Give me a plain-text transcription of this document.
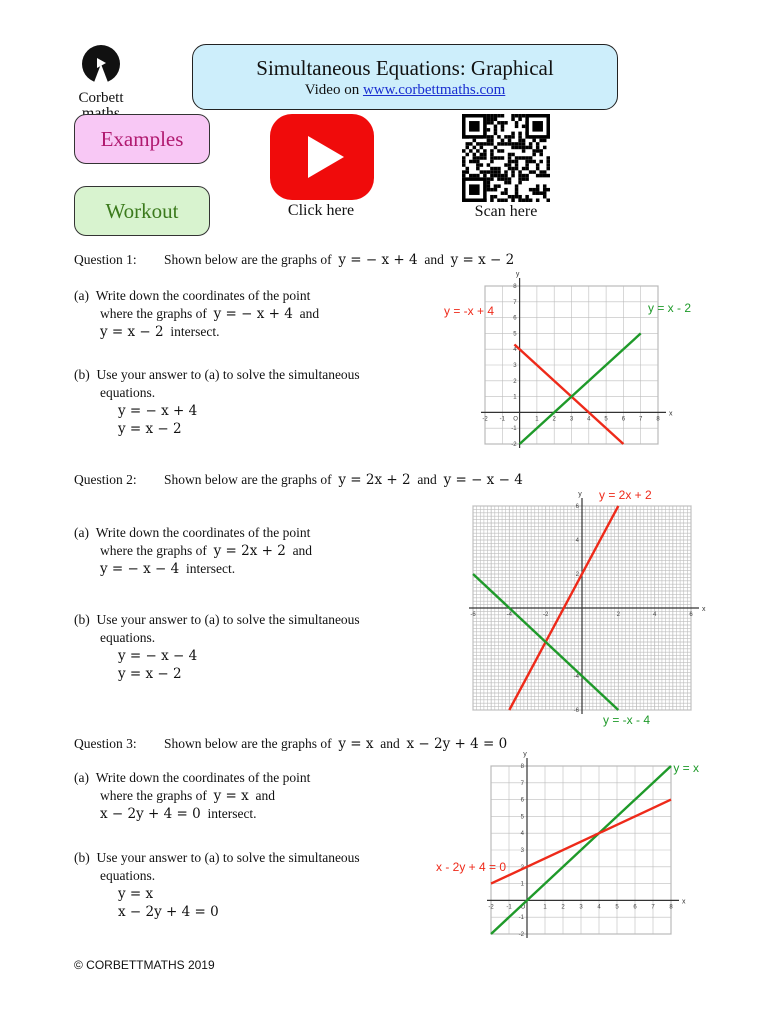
Corbett
Simultaneous Equations: Graphical
Video on www.corbettmaths.com
Examples
Workout	Click here	Scan here
Question 1: Shown below are the graphs of y = − x + 4 and y = x − 2
(a) Write down the coordinates of the point
where the graphs of y = − x + 4 and
y = x − 2 intersect.
(b) Use your answer to (a) to solve the simultaneous
equations.
y = − x + 4
y = x − 2
Question 2: Shown below are the graphs of y = 2x + 2 and y = − x − 4
(a) Write down the coordinates of the point
where the graphs of y = 2x + 2 and
y = − x − 4 intersect.
(b) Use your answer to (a) to solve the simultaneous
equations.
y = − x − 4
y = x − 2
Question 3: Shown below are the graphs of y = x and x − 2y + 4 = 0
(a) Write down the coordinates of the point
where the graphs of y = x and
x − 2y + 4 = 0 intersect.
(b) Use your answer to (a) to solve the simultaneous
equations.
y = x
x − 2y + 4 = 0
x
y
-2 -1 O	1 2 3 4 5 6 7 8
8
7
6
5
4
3
2
1
-1
-2
y = -x + 4	y = x - 2
x
y
-6	-4	-2	2	4	6
6
4
2
-4
-6
y = 2x + 2
y = -x - 4
x
y
-2 -1 O	1 2 3 4 5 6 7 8
8
7
6
5
4
3
2
1
-1
-2
y = x
x - 2y + 4 = 0
© CORBETTMATHS 2019
